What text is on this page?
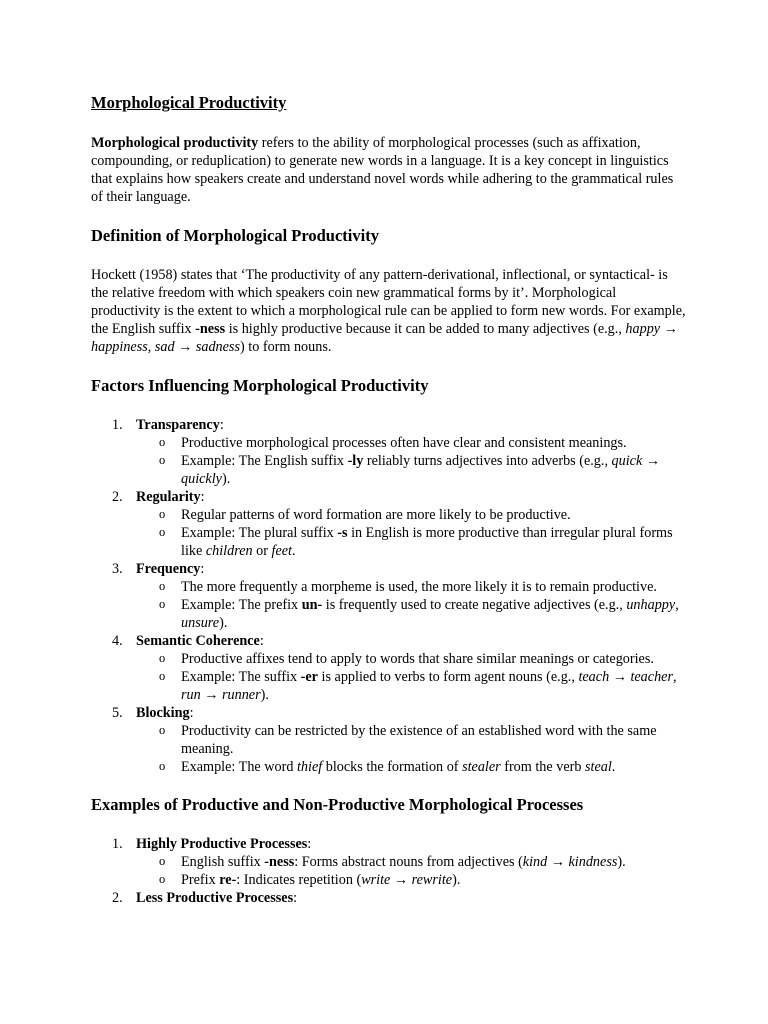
Morphological Productivity

Morphological productivity refers to the ability of morphological processes (such as affixation, compounding, or reduplication) to generate new words in a language. It is a key concept in linguistics that explains how speakers create and understand novel words while adhering to the grammatical rules of their language.

Definition of Morphological Productivity

Hockett (1958) states that ‘The productivity of any pattern-derivational, inflectional, or syntactical- is the relative freedom with which speakers coin new grammatical forms by it’. Morphological productivity is the extent to which a morphological rule can be applied to form new words. For example, the English suffix -ness is highly productive because it can be added to many adjectives (e.g., happy → happiness, sad → sadness) to form nouns.

Factors Influencing Morphological Productivity
1. Transparency:
o Productive morphological processes often have clear and consistent meanings.
o Example: The English suffix -ly reliably turns adjectives into adverbs (e.g., quick → quickly).
2. Regularity:
o Regular patterns of word formation are more likely to be productive.
o Example: The plural suffix -s in English is more productive than irregular plural forms like children or feet.
3. Frequency:
o The more frequently a morpheme is used, the more likely it is to remain productive.
o Example: The prefix un- is frequently used to create negative adjectives (e.g., unhappy, unsure).
4. Semantic Coherence:
o Productive affixes tend to apply to words that share similar meanings or categories.
o Example: The suffix -er is applied to verbs to form agent nouns (e.g., teach → teacher, run → runner).
5. Blocking:
o Productivity can be restricted by the existence of an established word with the same meaning.
o Example: The word thief blocks the formation of stealer from the verb steal.
Examples of Productive and Non-Productive Morphological Processes
1. Highly Productive Processes:
o English suffix -ness: Forms abstract nouns from adjectives (kind → kindness).
o Prefix re-: Indicates repetition (write → rewrite).
2. Less Productive Processes:
